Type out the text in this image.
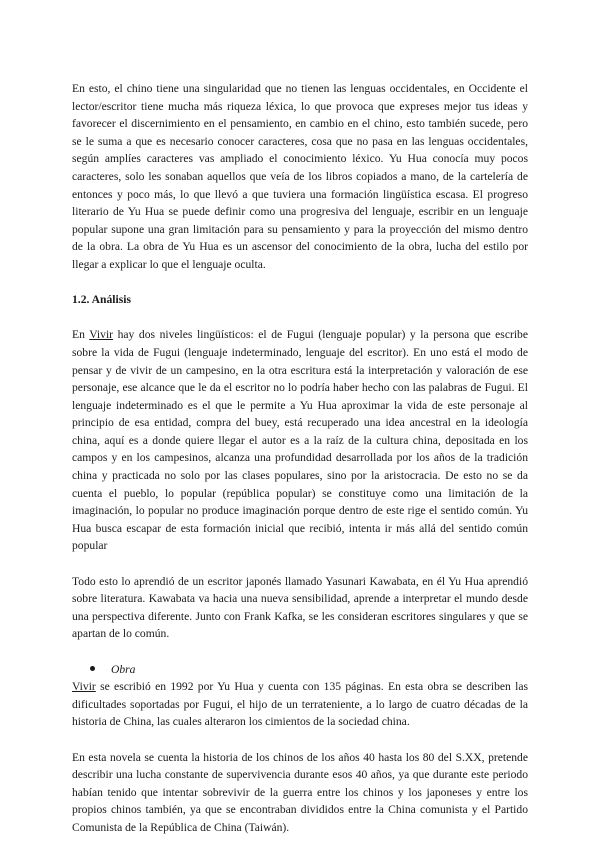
En esto, el chino tiene una singularidad que no tienen las lenguas occidentales, en Occidente el lector/escritor tiene mucha más riqueza léxica, lo que provoca que expreses mejor tus ideas y favorecer el discernimiento en el pensamiento, en cambio en el chino, esto también sucede, pero se le suma a que es necesario conocer caracteres, cosa que no pasa en las lenguas occidentales, según amplíes caracteres vas ampliado el conocimiento léxico. Yu Hua conocía muy pocos caracteres, solo les sonaban aquellos que veía de los libros copiados a mano, de la cartelería de entonces y poco más, lo que llevó a que tuviera una formación lingüística escasa. El progreso literario de Yu Hua se puede definir como una progresiva del lenguaje, escribir en un lenguaje popular supone una gran limitación para su pensamiento y para la proyección del mismo dentro de la obra. La obra de Yu Hua es un ascensor del conocimiento de la obra, lucha del estilo por llegar a explicar lo que el lenguaje oculta.

1.2. Análisis

En Vivir hay dos niveles lingüísticos: el de Fugui (lenguaje popular) y la persona que escribe sobre la vida de Fugui (lenguaje indeterminado, lenguaje del escritor). En uno está el modo de pensar y de vivir de un campesino, en la otra escritura está la interpretación y valoración de ese personaje, ese alcance que le da el escritor no lo podría haber hecho con las palabras de Fugui. El lenguaje indeterminado es el que le permite a Yu Hua aproximar la vida de este personaje al principio de esa entidad, compra del buey, está recuperado una idea ancestral en la ideología china, aquí es a donde quiere llegar el autor es a la raíz de la cultura china, depositada en los campos y en los campesinos, alcanza una profundidad desarrollada por los años de la tradición china y practicada no solo por las clases populares, sino por la aristocracia. De esto no se da cuenta el pueblo, lo popular (república popular) se constituye como una limitación de la imaginación, lo popular no produce imaginación porque dentro de este rige el sentido común. Yu Hua busca escapar de esta formación inicial que recibió, intenta ir más allá del sentido común popular

Todo esto lo aprendió de un escritor japonés llamado Yasunari Kawabata, en él Yu Hua aprendió sobre literatura. Kawabata va hacia una nueva sensibilidad, aprende a interpretar el mundo desde una perspectiva diferente. Junto con Frank Kafka, se les consideran escritores singulares y que se apartan de lo común.

Obra

Vivir se escribió en 1992 por Yu Hua y cuenta con 135 páginas. En esta obra se describen las dificultades soportadas por Fugui, el hijo de un terrateniente, a lo largo de cuatro décadas de la historia de China, las cuales alteraron los cimientos de la sociedad china.

En esta novela se cuenta la historia de los chinos de los años 40 hasta los 80 del S.XX, pretende describir una lucha constante de supervivencia durante esos 40 años, ya que durante este periodo habían tenido que intentar sobrevivir de la guerra entre los chinos y los japoneses y entre los propios chinos también, ya que se encontraban divididos entre la China comunista y el Partido Comunista de la República de China (Taiwán).
